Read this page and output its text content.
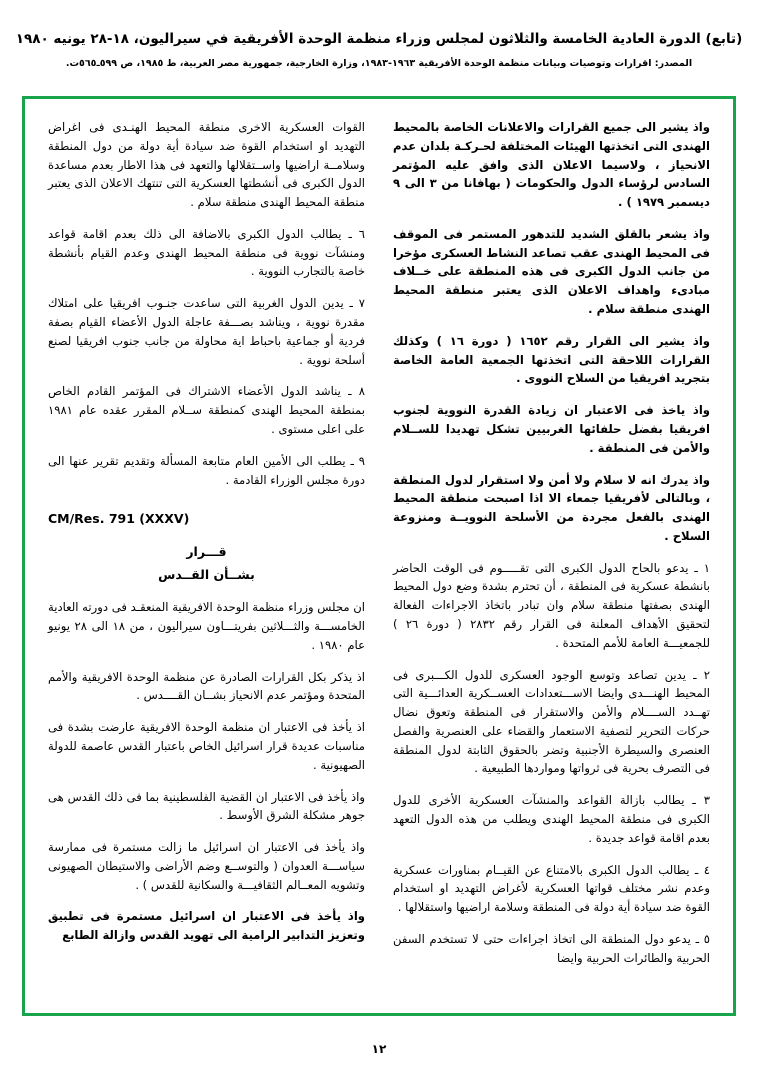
(تابع) الدورة العادية الخامسة والثلاثون لمجلس وزراء منظمة الوحدة الأفريقية في سيراليون، ١٨-٢٨ يونيه ١٩٨٠
المصدر: اقرارات وتوصيات وبيانات منظمة الوحدة الأفريقية ١٩٦٣-١٩٨٣، وزارة الخارجية، جمهورية مصر العربية، ط ١٩٨٥، ص ٥٩٩ـ٥٦٥ت.

واذ يشير الى جميع القرارات والاعلانات الخاصة بالمحيط الهندى التى اتخذتها الهيئات المختلفة لحـركـة بلدان عدم الانحياز ، ولاسيما الاعلان الذى وافق عليه المؤتمر السادس لرؤساء الدول والحكومات ( بهافانا من ٣ الى ٩ ديسمبر ١٩٧٩ ) .

واذ يشعر بالقلق الشديد للتدهور المستمر فى الموقف فى المحيط الهندى عقب تصاعد النشاط العسكرى مؤخرا من جانب الدول الكبرى فى هذه المنطقة على خــلاف مبادىء واهداف الاعلان الذى يعتبر منطقة المحيط الهندى منطقة سلام .

واذ يشير الى القرار رقم ١٦٥٢ ( دورة ١٦ ) وكذلك القرارات اللاحقة التى اتخذتها الجمعية العامة الخاصة بتجريد افريقيا من السلاح النووى .

واذ ياخذ فى الاعتبار ان زيادة القدرة النووية لجنوب افريقيا بفضل حلفائها الغربيين تشكل تهديدا للســلام والأمن فى المنطقة .

واذ يدرك انه لا سلام ولا أمن ولا استقرار لدول المنطقة ، وبالتالى لأفريقيا جمعاء الا اذا اصبحت منطقة المحيط الهندى بالفعل مجردة من الأسلحة النوويــة ومنزوعة السلاح .

١ ـ يدعو بالحاح الدول الكبرى التى تقـــــوم فى الوقت الحاضر بانشطة عسكرية فى المنطقة ، أن تحترم بشدة وضع دول المحيط الهندى بصفتها منطقة سلام وان تبادر باتخاذ الاجراءات الفعالة لتحقيق الأهداف المعلنة فى القرار رقم ٢٨٣٢ ( دورة ٢٦ ) للجمعيـــة العامة للأمم المتحدة .

٢ ـ يدين تصاعد وتوسع الوجود العسكرى للدول الكـــبرى فى المحيط الهنـــدى وايضا الاســـتعدادات العســكرية العدائـــية التى تهــدد الســــلام والأمن والاستقرار فى المنطقة وتعوق نضال حركات التحرير لتصفية الاستعمار والقضاء على العنصرية والفصل العنصرى والسيطرة الأجنبية وتضر بالحقوق الثابتة لدول المنطقة فى التصرف بحرية فى ثرواتها ومواردها الطبيعية .

٣ ـ يطالب بازالة القواعد والمنشآت العسكرية الأخرى للدول الكبرى فى منطقة المحيط الهندى ويطلب من هذه الدول التعهد بعدم اقامة قواعد جديدة .

٤ ـ يطالب الدول الكبرى بالامتناع عن القيــام بمناورات عسكرية وعدم نشر مختلف قواتها العسكرية لأغراض التهديد او استخدام القوة ضد سيادة أية دولة فى المنطقة وسلامة اراضيها واستقلالها .

٥ ـ يدعو دول المنطقة الى اتخاذ اجراءات حتى لا تستخدم السفن الحربية والطائرات الحربية وايضا

القوات العسكرية الاخرى منطقة المحيط الهنـدى فى اغراض التهديد او استخدام القوة ضد سيادة أية دولة من دول المنطقة وسلامــة اراضيها واســتقلالها والتعهد فى هذا الاطار بعدم مساعدة الدول الكبرى فى أنشطتها العسكرية التى تنتهك الاعلان الذى يعتبر منطقة المحيط الهندى منطقة سلام .

٦ ـ يطالب الدول الكبرى بالاضافة الى ذلك بعدم اقامة قواعد ومنشآت نووية فى منطقة المحيط الهندى وعدم القيام بأنشطة خاصة بالتجارب النووية .

٧ ـ يدين الدول الغربية التى ساعدت جنـوب افريقيا على امتلاك مقدرة نووية ، ويناشد بصـــفة عاجلة الدول الأعضاء القيام بصفة فردية أو جماعية باحباط اية محاولة من جانب جنوب افريقيا لصنع أسلحة نووية .

٨ ـ يناشد الدول الأعضاء الاشتراك فى المؤتمر القادم الخاص بمنطقة المحيط الهندى كمنطقة ســلام المقرر عقده عام ١٩٨١ على اعلى مستوى .

٩ ـ يطلب الى الأمين العام متابعة المسألة وتقديم تقرير عنها الى دورة مجلس الوزراء القادمة .

CM/Res. 791 (XXXV)
قـــرار
بشــأن القــدس

ان مجلس وزراء منظمة الوحدة الافريقية المنعقـد فى دورته العادية الخامســـة والثـــلاثين بفريتـــاون سيراليون ، من ١٨ الى ٢٨ يونيو عام ١٩٨٠ .

اذ يذكر بكل القرارات الصادرة عن منظمة الوحدة الافريقية والأمم المتحدة ومؤتمر عدم الانحياز بشــان القــــدس .

اذ يأخذ فى الاعتبار ان منظمة الوحدة الافريقية عارضت بشدة فى مناسبات عديدة قرار اسرائيل الخاص باعتبار القدس عاصمة للدولة الصهيونية .

واذ يأخذ فى الاعتبار ان القضية الفلسطينية بما فى ذلك القدس هى جوهر مشكلة الشرق الأوسط .

واذ يأخذ فى الاعتبار ان اسرائيل ما زالت مستمرة فى ممارسة سياســـة العدوان ( والتوســع وضم الأراضى والاستيطان الصهيونى وتشويه المعــالم الثقافيـــة والسكانية للقدس ) .

واذ يأخذ فى الاعتبار ان اسرائيل مستمرة فى تطبيق وتعزيز التدابير الرامية الى تهويد القدس وازالة الطابع

١٢
